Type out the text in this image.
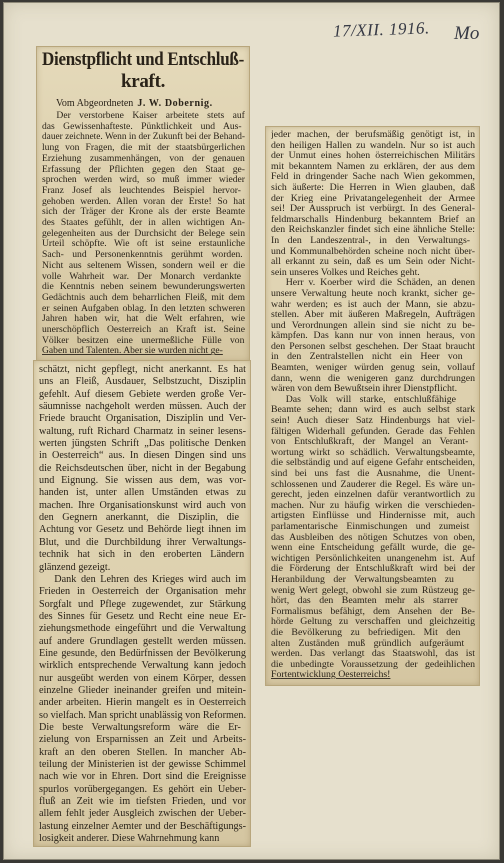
17/XII. 1916. Mo
Dienstpflicht und Entschluß-
kraft.
Vom Abgeordneten J. W. Dobernig.
Der verstorbene Kaiser arbeitete stets auf
das Gewissenhafteste. Pünktlichkeit und Aus-
dauer zeichnete. Wenn in der Zukunft bei der Behand-
lung von Fragen, die mit der staatsbürgerlichen
Erziehung zusammenhängen, von der genauen
Erfassung der Pflichten gegen den Staat ge-
sprochen werden wird, so muß immer wieder
Franz Josef als leuchtendes Beispiel hervor-
gehoben werden. Allen voran der Erste! So hat
sich der Träger der Krone als der erste Beamte
des Staates gefühlt, der in allen wichtigen An-
gelegenheiten aus der Durchsicht der Belege sein
Urteil schöpfte. Wie oft ist seine erstaunliche
Sach- und Personenkenntnis gerühmt worden.
Nicht aus seltenem Wissen, sondern weil er die
volle Wahrheit war. Der Monarch verdankte
die Kenntnis neben seinem bewunderungswerten
Gedächtnis auch dem beharrlichen Fleiß, mit dem
er seinen Aufgaben oblag. In den letzten schweren
Jahren haben wir, hat die Welt erfahren, wie
unerschöpflich Oesterreich an Kraft ist. Seine
Völker besitzen eine unermeßliche Fülle von
Gaben und Talenten. Aber sie wurden nicht ge-
schätzt, nicht gepflegt, nicht anerkannt. Es hat
uns an Fleiß, Ausdauer, Selbstzucht, Disziplin
gefehlt. Auf diesem Gebiete werden große Ver-
säumnisse nachgeholt werden müssen. Auch der
Friede braucht Organisation, Disziplin und Ver-
waltung, ruft Richard Charmatz in seiner lesens-
werten jüngsten Schrift „Das politische Denken
in Oesterreich“ aus. In diesen Dingen sind uns
die Reichsdeutschen über, nicht in der Begabung
und Eignung. Sie wissen aus dem, was vor-
handen ist, unter allen Umständen etwas zu
machen. Ihre Organisationskunst wird auch von
den Gegnern anerkannt, die Disziplin, die
Achtung vor Gesetz und Behörde liegt ihnen im
Blut, und die Durchbildung ihrer Verwaltungs-
technik hat sich in den eroberten Ländern
glänzend gezeigt.
Dank den Lehren des Krieges wird auch im
Frieden in Oesterreich der Organisation mehr
Sorgfalt und Pflege zugewendet, zur Stärkung
des Sinnes für Gesetz und Recht eine neue Er-
ziehungsmethode eingeführt und die Verwaltung
auf andere Grundlagen gestellt werden müssen.
Eine gesunde, den Bedürfnissen der Bevölkerung
wirklich entsprechende Verwaltung kann jedoch
nur ausgeübt werden von einem Körper, dessen
einzelne Glieder ineinander greifen und mitein-
ander arbeiten. Hierin mangelt es in Oesterreich
so vielfach. Man spricht unablässig von Reformen.
Die beste Verwaltungsreform wäre die Er-
zielung von Ersparnissen an Zeit und Arbeits-
kraft an den oberen Stellen. In mancher Ab-
teilung der Ministerien ist der gewisse Schimmel
nach wie vor in Ehren. Dort sind die Ereignisse
spurlos vorübergegangen. Es gehört ein Ueber-
fluß an Zeit wie im tiefsten Frieden, und vor
allem fehlt jeder Ausgleich zwischen der Ueber-
lastung einzelner Aemter und der Beschäftigungs-
losigkeit anderer. Diese Wahrnehmung kann
jeder machen, der berufsmäßig genötigt ist, in
den heiligen Hallen zu wandeln. Nur so ist auch
der Unmut eines hohen österreichischen Militärs
mit bekanntem Namen zu erklären, der aus dem
Feld in dringender Sache nach Wien gekommen,
sich äußerte: Die Herren in Wien glauben, daß
der Krieg eine Privatangelegenheit der Armee
sei! Der Ausspruch ist verbürgt. In des General-
feldmarschalls Hindenburg bekanntem Brief an
den Reichskanzler findet sich eine ähnliche Stelle:
In den Landeszentral-, in den Verwaltungs-
und Kommunalbehörden scheine noch nicht über-
all erkannt zu sein, daß es um Sein oder Nicht-
sein unseres Volkes und Reiches geht.
Herr v. Koerber wird die Schäden, an denen
unsere Verwaltung heute noch krankt, sicher ge-
wahr werden; es ist auch der Mann, sie abzu-
stellen. Aber mit äußeren Maßregeln, Aufträgen
und Verordnungen allein sind sie nicht zu be-
kämpfen. Das kann nur von innen heraus, von
den Personen selbst geschehen. Der Staat braucht
in den Zentralstellen nicht ein Heer von
Beamten, weniger würden genug sein, vollauf
dann, wenn die wenigeren ganz durchdrungen
wären von dem Bewußtsein ihrer Dienstpflicht.
Das Volk will starke, entschlußfähige
Beamte sehen; dann wird es auch selbst stark
sein! Auch dieser Satz Hindenburgs hat viel-
fältigen Widerhall gefunden. Gerade das Fehlen
von Entschlußkraft, der Mangel an Verant-
wortung wirkt so schädlich. Verwaltungsbeamte,
die selbständig und auf eigene Gefahr entscheiden,
sind bei uns fast die Ausnahme, die Unent-
schlossenen und Zauderer die Regel. Es wäre un-
gerecht, jeden einzelnen dafür verantwortlich zu
machen. Nur zu häufig wirken die verschieden-
artigsten Einflüsse und Hindernisse mit, auch
parlamentarische Einmischungen und zumeist
das Ausbleiben des nötigen Schutzes von oben,
wenn eine Entscheidung gefällt wurde, die ge-
wichtigen Persönlichkeiten unangenehm ist. Auf
die Förderung der Entschlußkraft wird bei der
Heranbildung der Verwaltungsbeamten zu
wenig Wert gelegt, obwohl sie zum Rüstzeug ge-
hört, das den Beamten mehr als starrer
Formalismus befähigt, dem Ansehen der Be-
hörde Geltung zu verschaffen und gleichzeitig
die Bevölkerung zu befriedigen. Mit den
alten Zuständen muß gründlich aufgeräumt
werden. Das verlangt das Staatswohl, das ist
die unbedingte Voraussetzung der gedeihlichen
Fortentwicklung Oesterreichs!
